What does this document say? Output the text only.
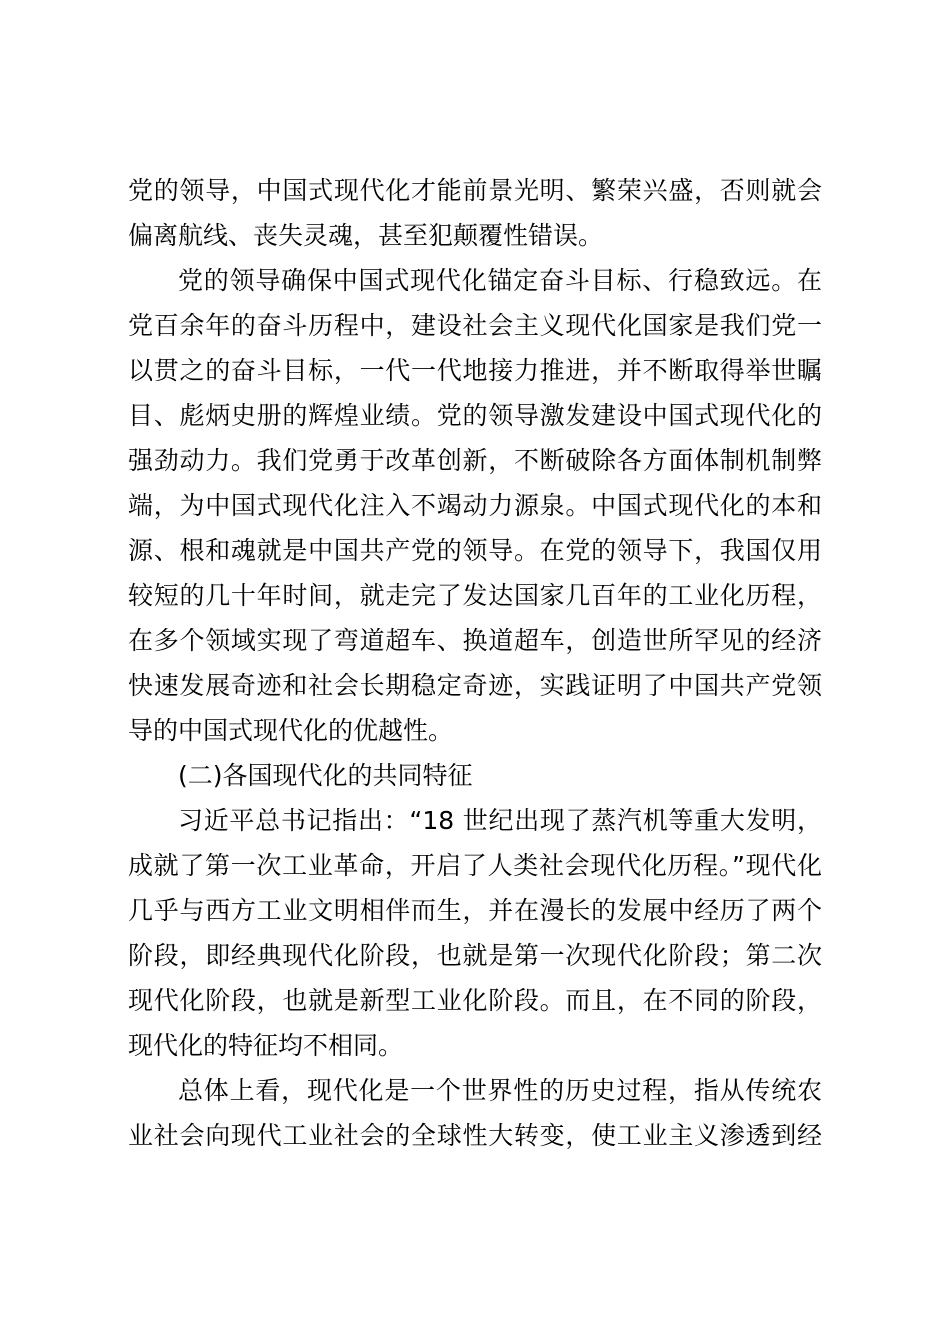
党的领导，中国式现代化才能前景光明、繁荣兴盛，否则就会
偏离航线、丧失灵魂，甚至犯颠覆性错误。
党的领导确保中国式现代化锚定奋斗目标、行稳致远。在
党百余年的奋斗历程中，建设社会主义现代化国家是我们党一
以贯之的奋斗目标，一代一代地接力推进，并不断取得举世瞩
目、彪炳史册的辉煌业绩。党的领导激发建设中国式现代化的
强劲动力。我们党勇于改革创新，不断破除各方面体制机制弊
端，为中国式现代化注入不竭动力源泉。中国式现代化的本和
源、根和魂就是中国共产党的领导。在党的领导下，我国仅用
较短的几十年时间，就走完了发达国家几百年的工业化历程，
在多个领域实现了弯道超车、换道超车，创造世所罕见的经济
快速发展奇迹和社会长期稳定奇迹，实践证明了中国共产党领
导的中国式现代化的优越性。
(二)各国现代化的共同特征
习近平总书记指出：“18 世纪出现了蒸汽机等重大发明，
成就了第一次工业革命，开启了人类社会现代化历程。”现代化
几乎与西方工业文明相伴而生，并在漫长的发展中经历了两个
阶段，即经典现代化阶段，也就是第一次现代化阶段；第二次
现代化阶段，也就是新型工业化阶段。而且，在不同的阶段，
现代化的特征均不相同。
总体上看，现代化是一个世界性的历史过程，指从传统农
业社会向现代工业社会的全球性大转变，使工业主义渗透到经
